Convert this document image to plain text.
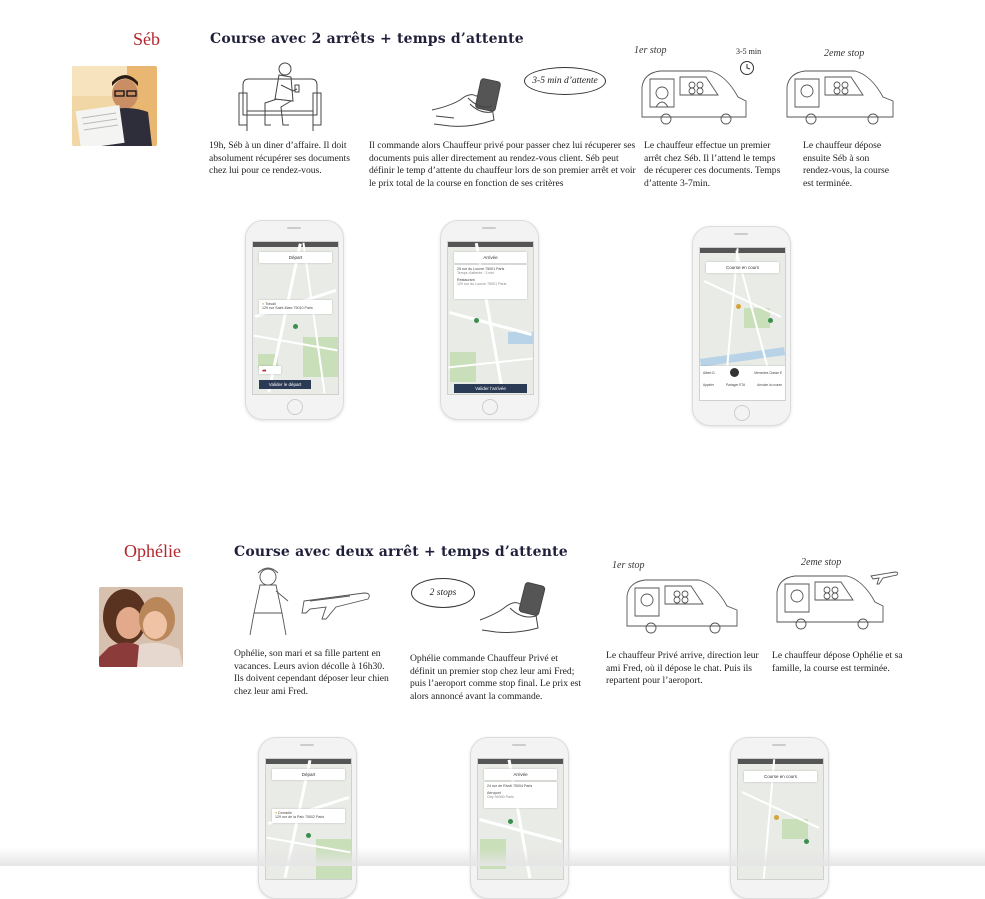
Séb	Course avec 2 arrêts + temps d’attente
19h, Séb à un diner d’affaire. Il doit absolument récupérer ses documents chez lui pour ce rendez-vous.
3-5 min d’attente
Il commande alors Chauffeur privé pour passer chez lui récuperer ses documents puis aller directement au rendez-vous client. Séb peut définir le temp d’attente du chauffeur lors de son premier arrêt et voir le prix total de la course en fonction de ses critères
1er stop	3-5 min
Le chauffeur effectue un premier arrêt chez Séb. Il l’attend le temps de récuperer ces documents. Temps d’attente 3-7min.
2eme stop
Le chauffeur dépose ensuite Séb à son rendez-vous, la course est terminée.
Départ
● Travail
129 rue Saint-Marc 75010 Paris
🚗
Valider le départ
Arrivée
25 rue du Louvre 75001 Paris
Temps d’attente : 3 min
Restaurant
129 rue du Louvre 75001 Paris
Valider l’arrivée
Course en cours
Albert D.	Mercedes Classe E
Appeler	Partager ETA	Annuler la course
Ophélie	Course avec deux arrêt + temps d’attente
Ophélie, son mari et sa fille partent en vacances. Leurs avion décolle à 16h30. Ils doivent cependant déposer leur chien chez leur ami Fred.
2 stops
Ophélie commande Chauffeur Privé et définit un premier stop chez leur ami Fred; puis l’aeroport comme stop final. Le prix est alors annoncé avant la commande.
1er stop
Le chauffeur Privé arrive, direction leur ami Fred, où il dépose le chat. Puis ils repartent pour l’aeroport.
2eme stop
Le chauffeur dépose Ophélie et sa famille, la course est terminée.
Départ
● Domicile
129 rue de la Paix 75002 Paris
Arrivée
24 rue de Rivoli 75004 Paris
Aéroport
Orly 94390 Paris
Course en cours
